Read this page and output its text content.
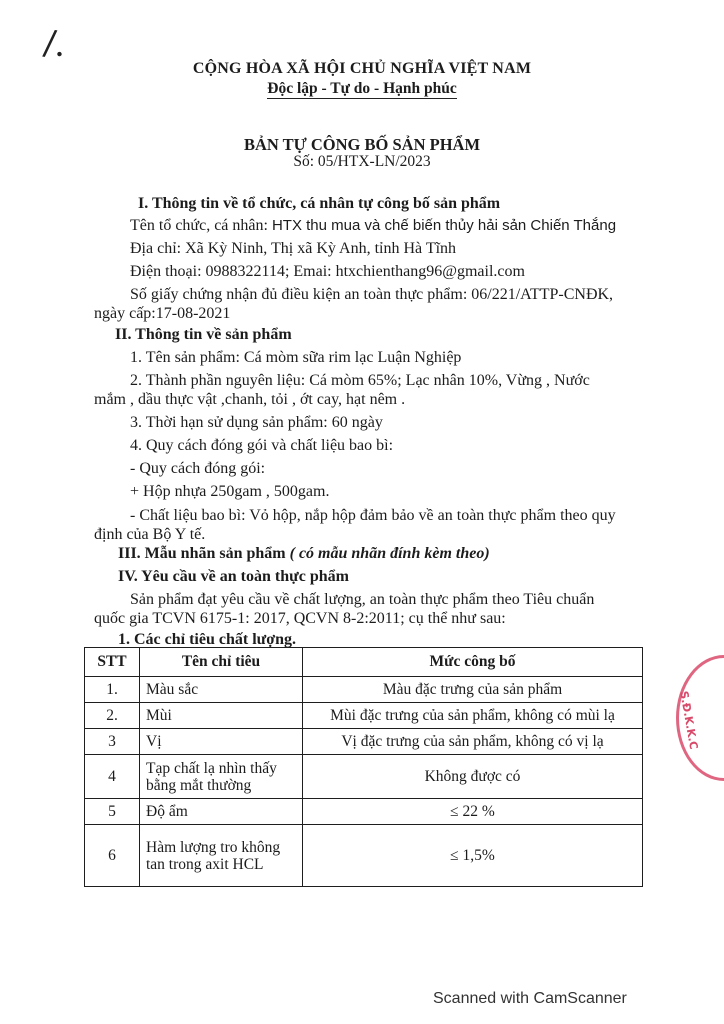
/.
CỘNG HÒA XÃ HỘI CHỦ NGHĨA VIỆT NAM
Độc lập - Tự do - Hạnh phúc
BẢN TỰ CÔNG BỐ SẢN PHẨM
Số: 05/HTX-LN/2023
I. Thông tin về tổ chức, cá nhân tự công bố sản phẩm
Tên tổ chức, cá nhân: HTX thu mua và chế biến thủy hải sản Chiến Thắng
Địa chỉ: Xã Kỳ Ninh, Thị xã Kỳ Anh, tỉnh Hà Tĩnh
Điện thoại: 0988322114; Emai: htxchienthang96@gmail.com
Số giấy chứng nhận đủ điều kiện an toàn thực phẩm: 06/221/ATTP-CNĐK,
ngày cấp:17-08-2021
II. Thông tin về sản phẩm
1. Tên sản phẩm: Cá mòm sữa rim lạc Luận Nghiệp
2. Thành phần nguyên liệu: Cá mòm 65%; Lạc nhân 10%, Vừng , Nước
mắm , dầu thực vật ,chanh, tỏi , ớt cay, hạt nêm .
3. Thời hạn sử dụng sản phẩm: 60 ngày
4. Quy cách đóng gói và chất liệu bao bì:
- Quy cách đóng gói:
+ Hộp nhựa 250gam , 500gam.
- Chất liệu bao bì: Vỏ hộp, nắp hộp đảm bảo về an toàn thực phẩm theo quy
định của Bộ Y tế.
III. Mẫu nhãn sản phẩm ( có mẫu nhãn đính kèm theo)
IV. Yêu cầu về an toàn thực phẩm
Sản phẩm đạt yêu cầu về chất lượng, an toàn thực phẩm theo Tiêu chuẩn
quốc gia TCVN 6175-1: 2017, QCVN 8-2:2011; cụ thể như sau:
1. Các chỉ tiêu chất lượng.
STT	Tên chỉ tiêu	Mức công bố
1.	Màu sắc	Màu đặc trưng của sản phẩm
2.	Mùi	Mùi đặc trưng của sản phẩm, không có mùi lạ
3	Vị	Vị đặc trưng của sản phẩm, không có vị lạ
4	Tạp chất lạ nhìn thấy bằng mắt thường	Không được có
5	Độ ẩm	≤ 22 %
6	Hàm lượng tro không tan trong axit HCL	≤ 1,5%
S.Đ.K.K.C
Scanned with CamScanner
